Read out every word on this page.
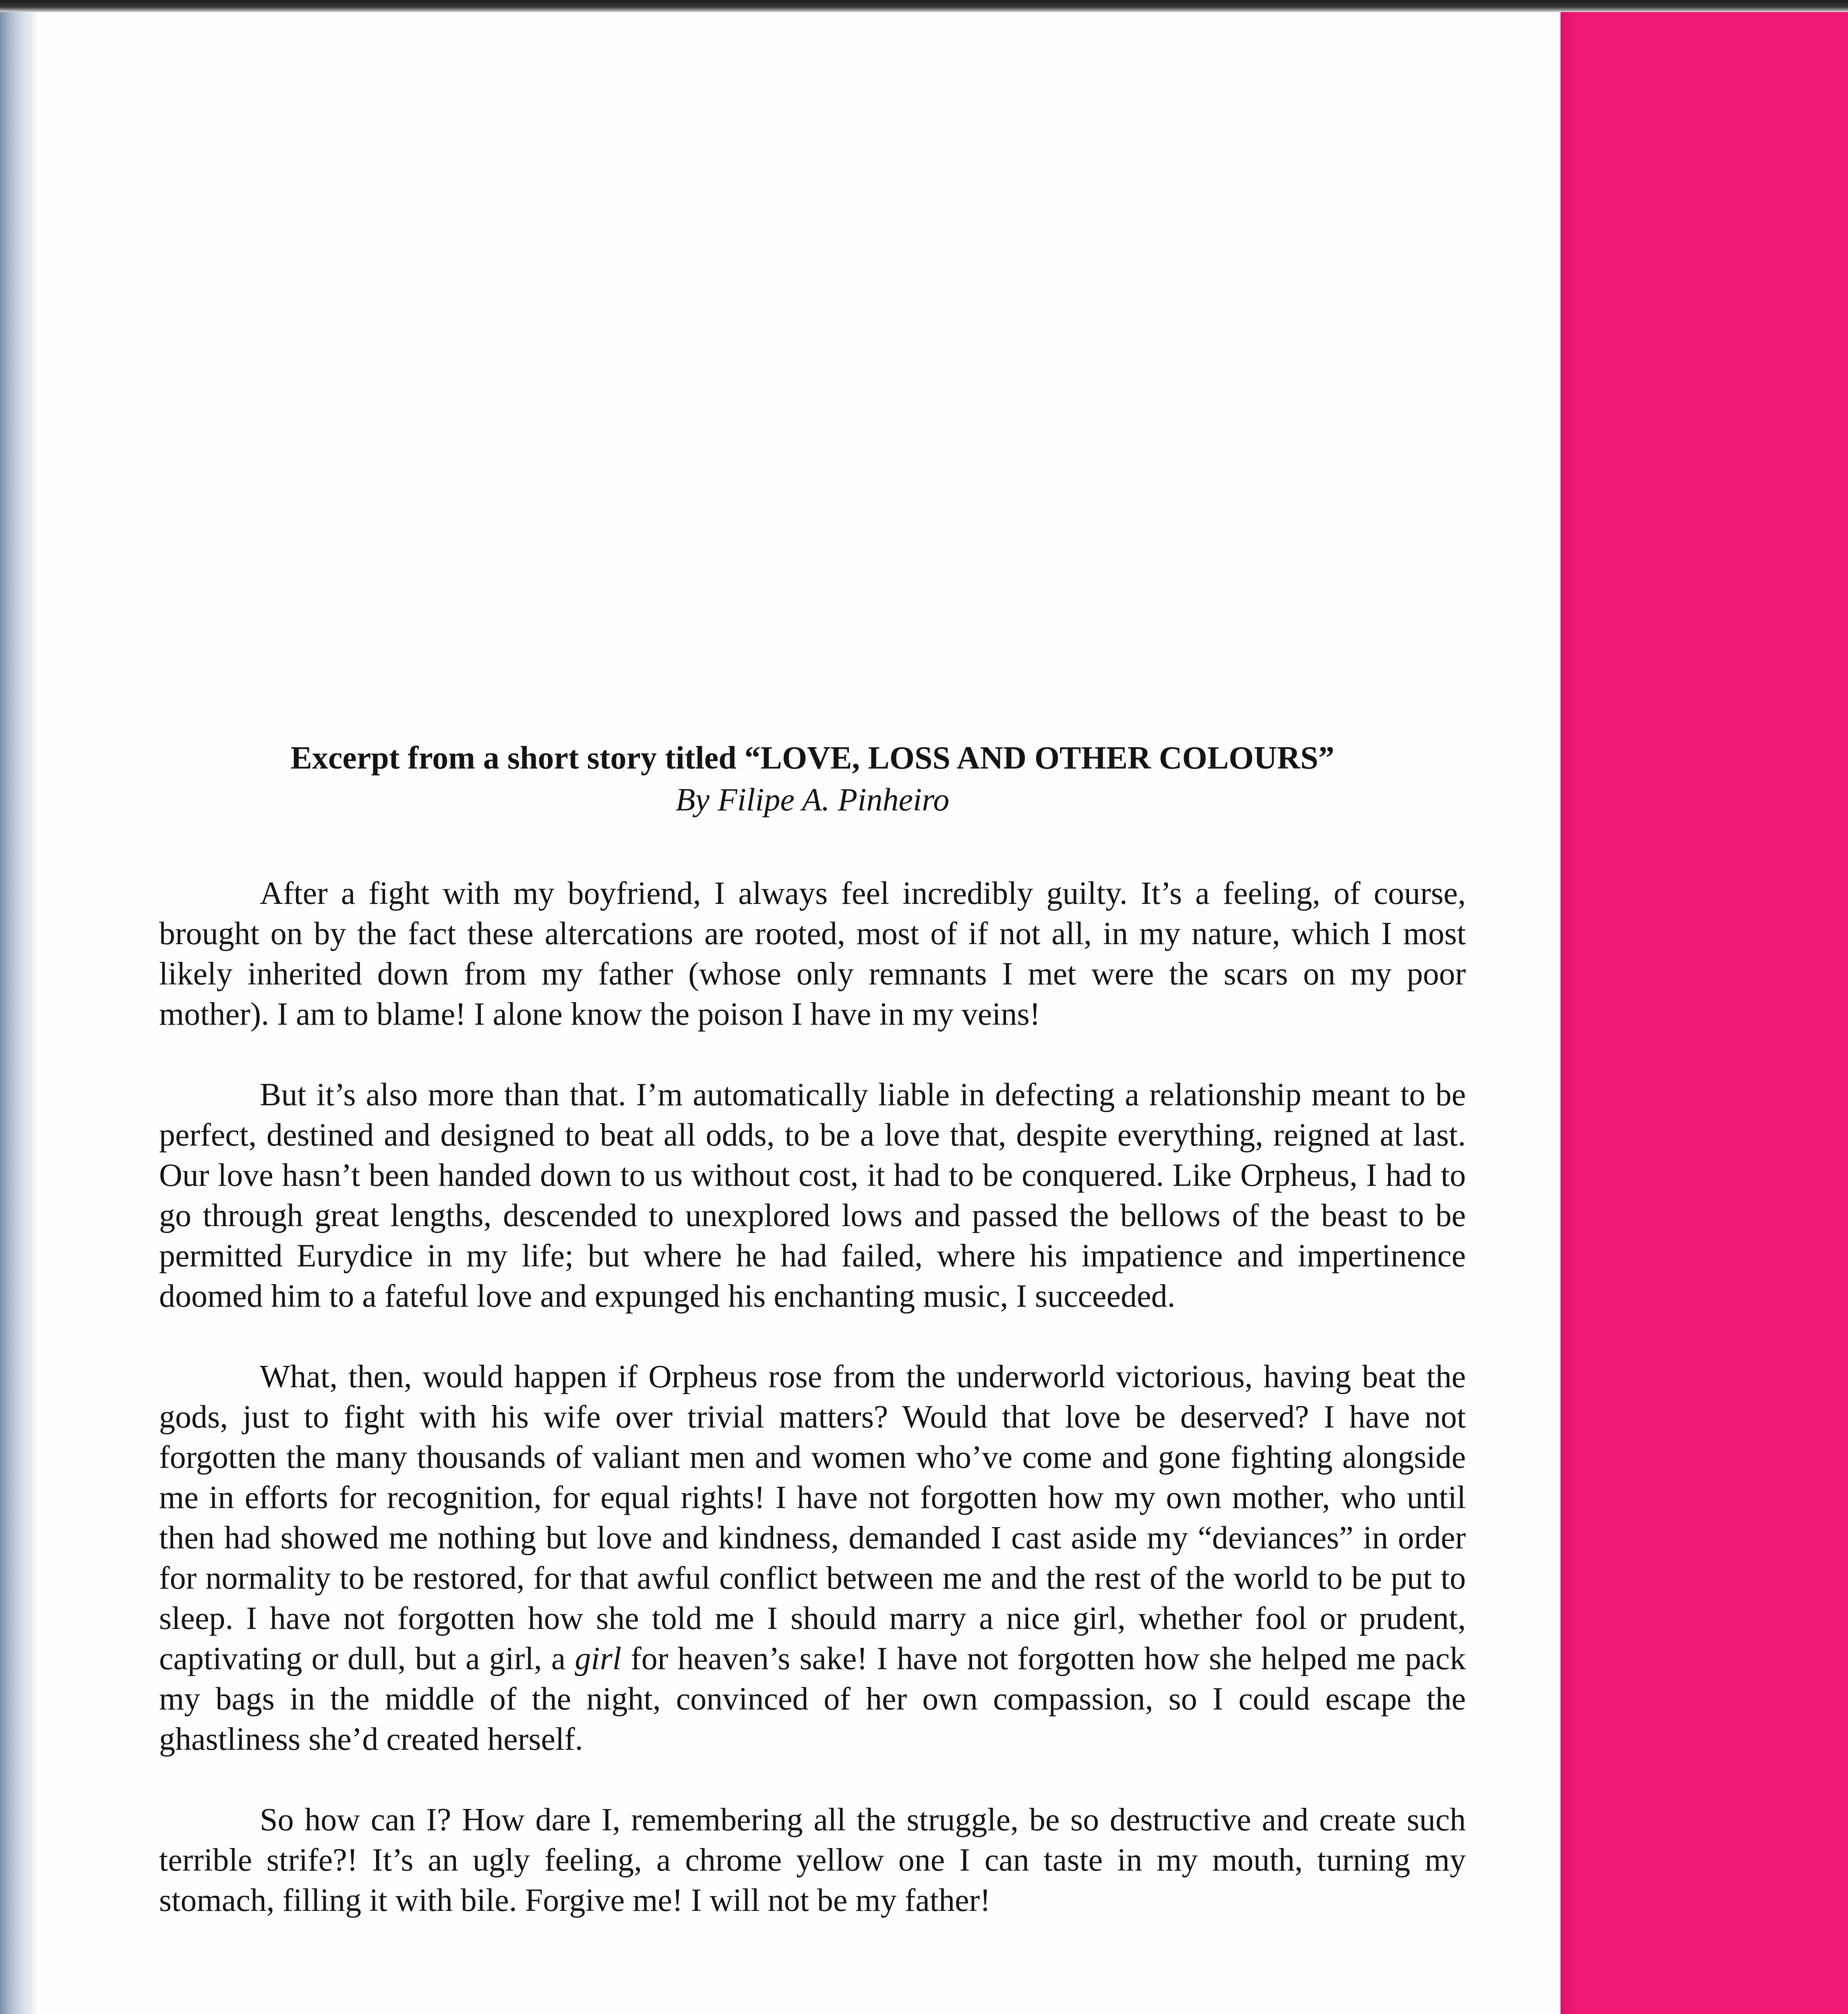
Excerpt from a short story titled “LOVE, LOSS AND OTHER COLOURS”

By Filipe A. Pinheiro

After a fight with my boyfriend, I always feel incredibly guilty. It’s a feeling, of course, brought on by the fact these altercations are rooted, most of if not all, in my nature, which I most likely inherited down from my father (whose only remnants I met were the scars on my poor mother). I am to blame! I alone know the poison I have in my veins!

But it’s also more than that. I’m automatically liable in defecting a relationship meant to be perfect, destined and designed to beat all odds, to be a love that, despite everything, reigned at last. Our love hasn’t been handed down to us without cost, it had to be conquered. Like Orpheus, I had to go through great lengths, descended to unexplored lows and passed the bellows of the beast to be permitted Eurydice in my life; but where he had failed, where his impatience and impertinence doomed him to a fateful love and expunged his enchanting music, I succeeded.

What, then, would happen if Orpheus rose from the underworld victorious, having beat the gods, just to fight with his wife over trivial matters? Would that love be deserved? I have not forgotten the many thousands of valiant men and women who’ve come and gone fighting alongside me in efforts for recognition, for equal rights! I have not forgotten how my own mother, who until then had showed me nothing but love and kindness, demanded I cast aside my “deviances” in order for normality to be restored, for that awful conflict between me and the rest of the world to be put to sleep. I have not forgotten how she told me I should marry a nice girl, whether fool or prudent, captivating or dull, but a girl, a girl for heaven’s sake! I have not forgotten how she helped me pack my bags in the middle of the night, convinced of her own compassion, so I could escape the ghastliness she’d created herself.

So how can I? How dare I, remembering all the struggle, be so destructive and create such terrible strife?! It’s an ugly feeling, a chrome yellow one I can taste in my mouth, turning my stomach, filling it with bile. Forgive me! I will not be my father!
